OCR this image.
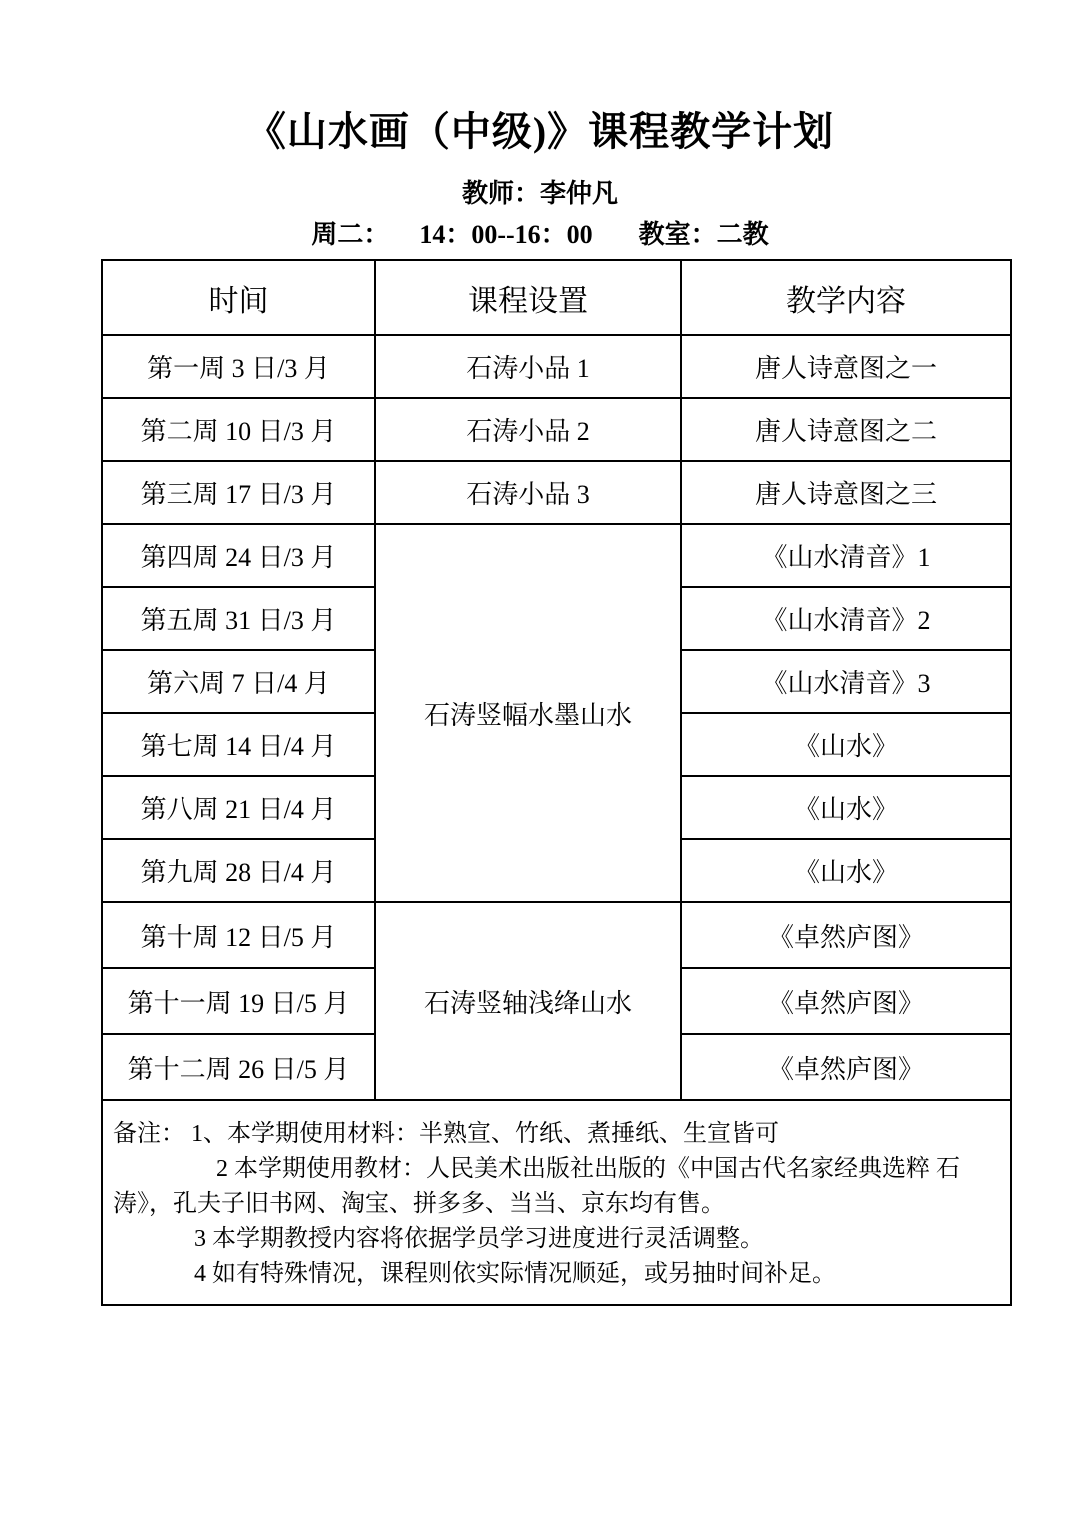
《山水画（中级)》课程教学计划
教师：李仲凡
周二： 14：00--16：00 教室：二教
时间	课程设置	教学内容
第一周 3 日/3 月	石涛小品 1	唐人诗意图之一
第二周 10 日/3 月	石涛小品 2	唐人诗意图之二
第三周 17 日/3 月	石涛小品 3	唐人诗意图之三
第四周 24 日/3 月	石涛竖幅水墨山水	《山水清音》1
第五周 31 日/3 月		《山水清音》2
第六周 7 日/4 月		《山水清音》3
第七周 14 日/4 月		《山水》
第八周 21 日/4 月		《山水》
第九周 28 日/4 月		《山水》
第十周 12 日/5 月	石涛竖轴浅绛山水	《卓然庐图》
第十一周 19 日/5 月		《卓然庐图》
第十二周 26 日/5 月		《卓然庐图》

备注： 1、本学期使用材料：半熟宣、竹纸、煮捶纸、生宣皆可
2 本学期使用教材：人民美术出版社出版的《中国古代名家经典选粹 石
涛》，孔夫子旧书网、淘宝、拼多多、当当、京东均有售。
3 本学期教授内容将依据学员学习进度进行灵活调整。
4 如有特殊情况，课程则依实际情况顺延，或另抽时间补足。		
